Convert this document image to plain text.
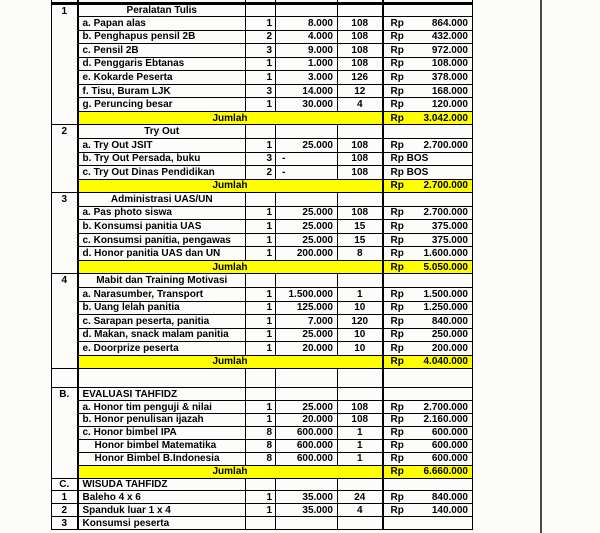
1	Peralatan Tulis				
	a. Papan alas	1	8.000	108	Rp 864.000

	b. Penghapus pensil 2B	2	4.000	108	Rp 432.000

	c. Pensil 2B	3	9.000	108	Rp 972.000

	d. Penggaris Ebtanas	1	1.000	108	Rp 108.000

	e. Kokarde Peserta	1	3.000	126	Rp 378.000

	f. Tisu, Buram LJK	3	14.000	12	Rp 168.000

	g. Peruncing besar	1	30.000	4	Rp 120.000

	Jumlah				Rp 3.042.000

2	Try Out				
	a. Try Out JSIT	1	25.000	108	Rp 2.700.000

	b. Try Out Persada, buku	3	-	108	Rp BOS

	c. Try Out Dinas Pendidikan	2	-	108	Rp BOS

	Jumlah				Rp 2.700.000

3	Administrasi UAS/UN				
	a. Pas photo siswa	1	25.000	108	Rp 2.700.000

	b. Konsumsi panitia UAS	1	25.000	15	Rp 375.000

	c. Konsumsi panitia, pengawas	1	25.000	15	Rp 375.000

	d. Honor panitia UAS dan UN	1	200.000	8	Rp 1.600.000

	Jumlah				Rp 5.050.000

4	Mabit dan Training Motivasi				
	a. Narasumber, Transport	1	1.500.000	1	Rp 1.500.000

	b. Uang lelah panitia	1	125.000	10	Rp 1.250.000

	c. Sarapan peserta, panitia	1	7.000	120	Rp 840.000

	d. Makan, snack malam panitia	1	25.000	10	Rp 250.000

	e. Doorprize peserta	1	20.000	10	Rp 200.000

	Jumlah				Rp 4.040.000

B.	EVALUASI TAHFIDZ				
	a. Honor tim penguji & nilai	1	25.000	108	Rp 2.700.000

	b. Honor penulisan ijazah	1	20.000	108	Rp 2.160.000

	c. Honor bimbel IPA	8	600.000	1	Rp 600.000

	Honor bimbel Matematika	8	600.000	1	Rp 600.000

	Honor Bimbel B.Indonesia	8	600.000	1	Rp 600.000

	Jumlah				Rp 6.660.000

C.	WISUDA TAHFIDZ				
1	Baleho 4 x 6	1	35.000	24	Rp 840.000

2	Spanduk luar 1 x 4	1	35.000	4	Rp 140.000

3	Konsumsi peserta				
